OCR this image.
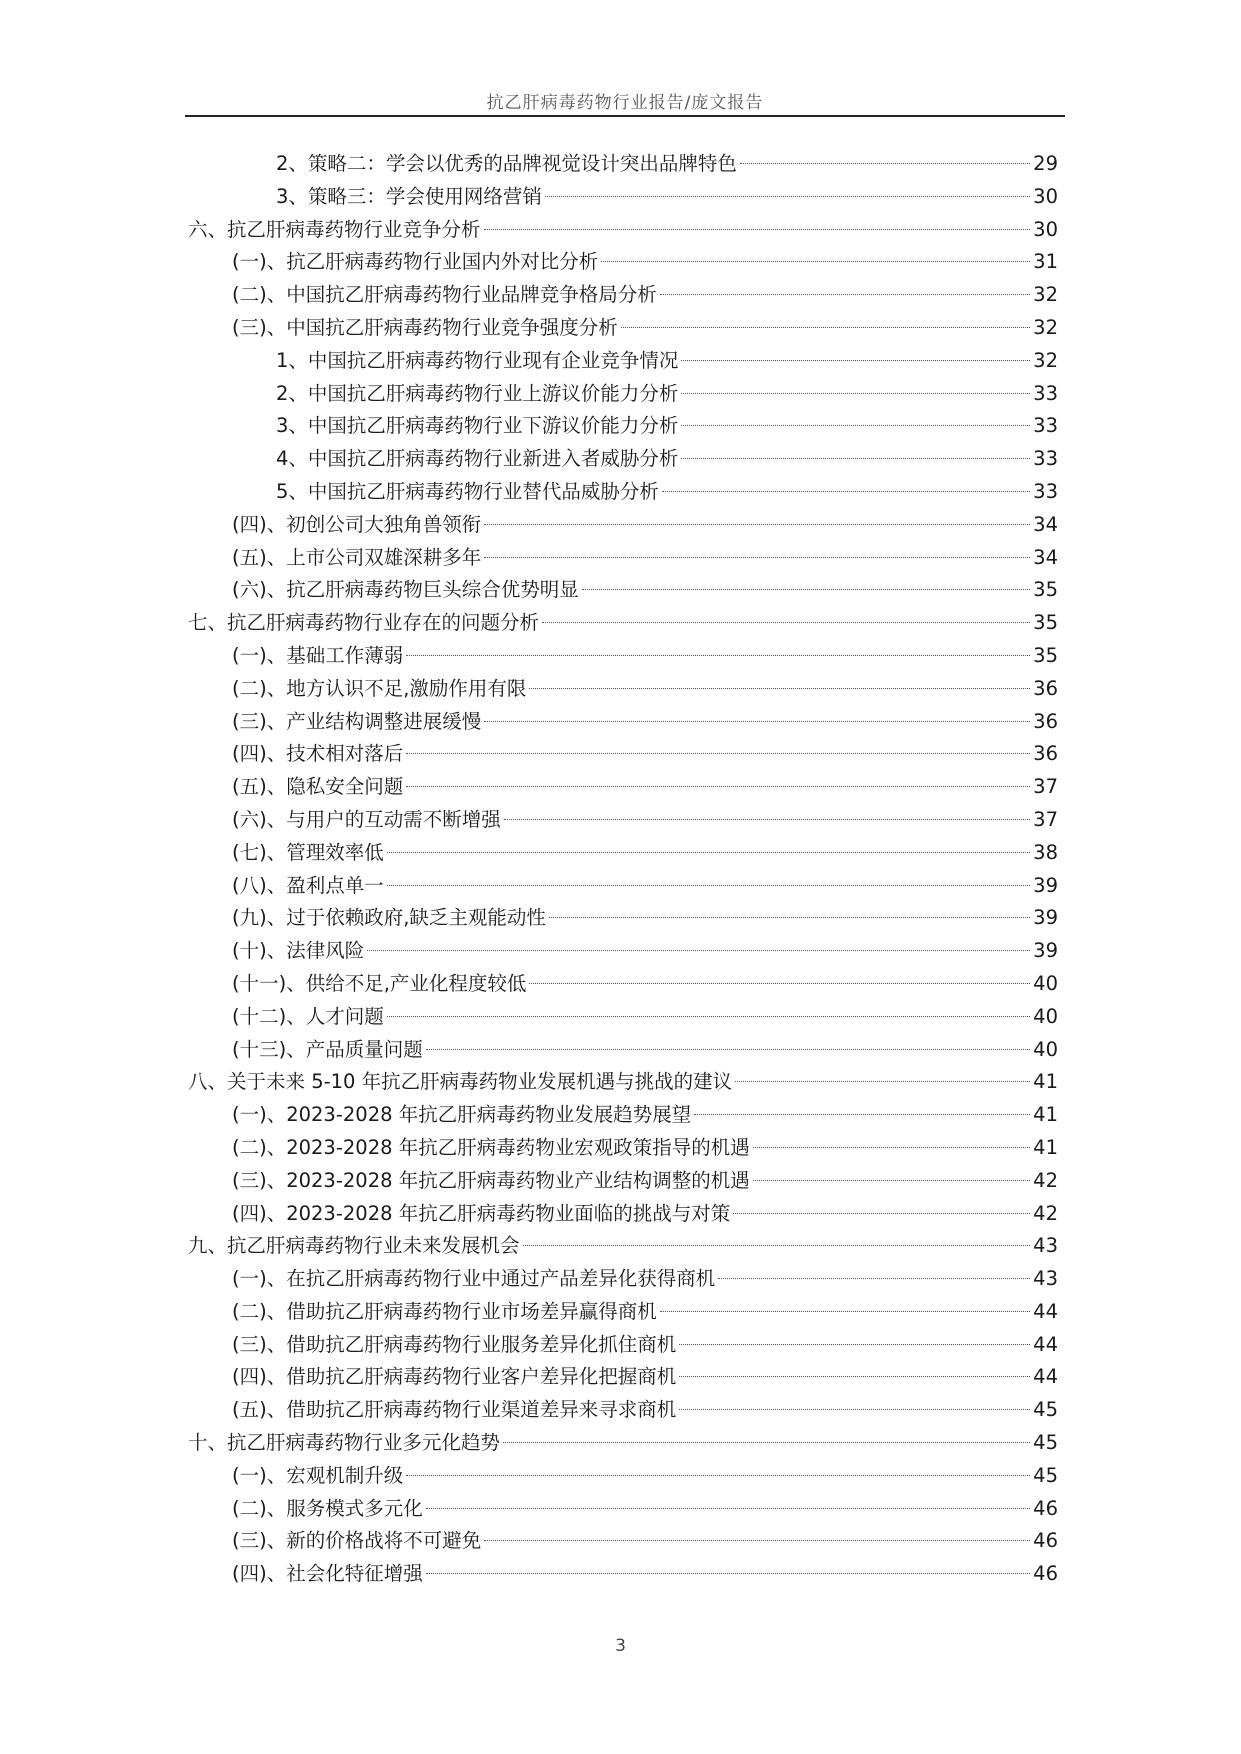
抗乙肝病毒药物行业报告/庞文报告
2、策略二：学会以优秀的品牌视觉设计突出品牌特色	29
3、策略三：学会使用网络营销	30
六、抗乙肝病毒药物行业竞争分析	30
(一)、抗乙肝病毒药物行业国内外对比分析	31
(二)、中国抗乙肝病毒药物行业品牌竞争格局分析	32
(三)、中国抗乙肝病毒药物行业竞争强度分析	32
1、中国抗乙肝病毒药物行业现有企业竞争情况	32
2、中国抗乙肝病毒药物行业上游议价能力分析	33
3、中国抗乙肝病毒药物行业下游议价能力分析	33
4、中国抗乙肝病毒药物行业新进入者威胁分析	33
5、中国抗乙肝病毒药物行业替代品威胁分析	33
(四)、初创公司大独角兽领衔	34
(五)、上市公司双雄深耕多年	34
(六)、抗乙肝病毒药物巨头综合优势明显	35
七、抗乙肝病毒药物行业存在的问题分析	35
(一)、基础工作薄弱	35
(二)、地方认识不足,激励作用有限	36
(三)、产业结构调整进展缓慢	36
(四)、技术相对落后	36
(五)、隐私安全问题	37
(六)、与用户的互动需不断增强	37
(七)、管理效率低	38
(八)、盈利点单一	39
(九)、过于依赖政府,缺乏主观能动性	39
(十)、法律风险	39
(十一)、供给不足,产业化程度较低	40
(十二)、人才问题	40
(十三)、产品质量问题	40
八、关于未来 5-10 年抗乙肝病毒药物业发展机遇与挑战的建议	41
(一)、2023-2028 年抗乙肝病毒药物业发展趋势展望	41
(二)、2023-2028 年抗乙肝病毒药物业宏观政策指导的机遇	41
(三)、2023-2028 年抗乙肝病毒药物业产业结构调整的机遇	42
(四)、2023-2028 年抗乙肝病毒药物业面临的挑战与对策	42
九、抗乙肝病毒药物行业未来发展机会	43
(一)、在抗乙肝病毒药物行业中通过产品差异化获得商机	43
(二)、借助抗乙肝病毒药物行业市场差异赢得商机	44
(三)、借助抗乙肝病毒药物行业服务差异化抓住商机	44
(四)、借助抗乙肝病毒药物行业客户差异化把握商机	44
(五)、借助抗乙肝病毒药物行业渠道差异来寻求商机	45
十、抗乙肝病毒药物行业多元化趋势	45
(一)、宏观机制升级	45
(二)、服务模式多元化	46
(三)、新的价格战将不可避免	46
(四)、社会化特征增强	46
3
